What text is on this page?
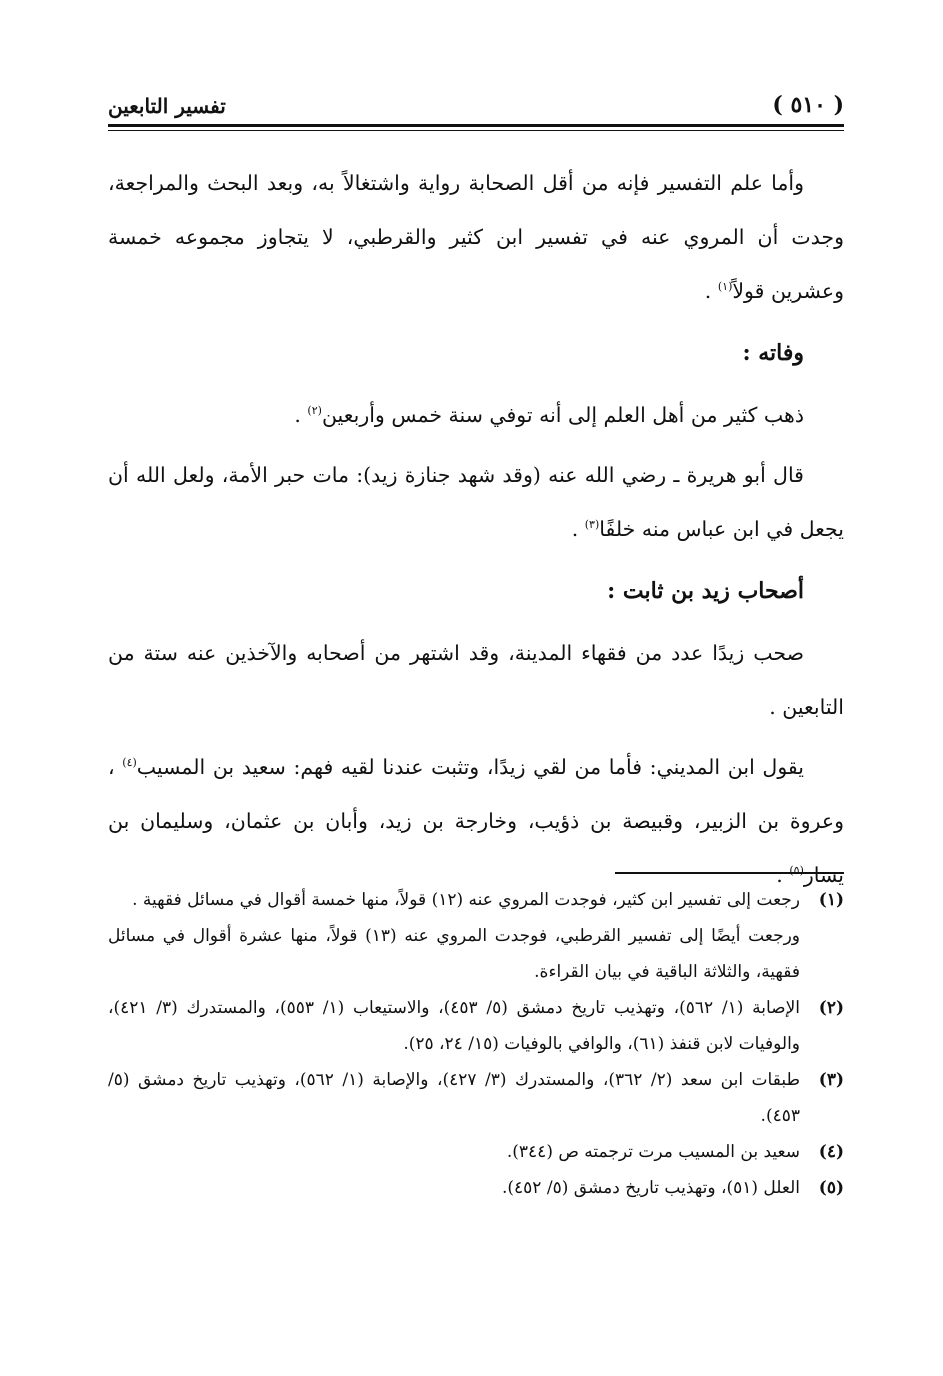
( ٥١٠ )
تفسير التابعين

وأما علم التفسير فإنه من أقل الصحابة رواية واشتغالاً به، وبعد البحث والمراجعة، وجدت أن المروي عنه في تفسير ابن كثير والقرطبي، لا يتجاوز مجموعه خمسة وعشرين قولاً$^{(١)}$ .

وفاته :

ذهب كثير من أهل العلم إلى أنه توفي سنة خمس وأربعين$^{(٢)}$ .

قال أبو هريرة ـ رضي الله عنه (وقد شهد جنازة زيد): مات حبر الأمة، ولعل الله أن يجعل في ابن عباس منه خلفًا$^{(٣)}$ .

أصحاب زيد بن ثابت :

صحب زيدًا عدد من فقهاء المدينة، وقد اشتهر من أصحابه والآخذين عنه ستة من التابعين .

يقول ابن المديني: فأما من لقي زيدًا، وتثبت عندنا لقيه فهم: سعيد بن المسيب$^{(٤)}$ ، وعروة بن الزبير، وقبيصة بن ذؤيب، وخارجة بن زيد، وأبان بن عثمان، وسليمان بن يسار$^{(٥)}$ .

(١)
رجعت إلى تفسير ابن كثير، فوجدت المروي عنه (١٢) قولاً، منها خمسة أقوال في مسائل فقهية .
ورجعت أيضًا إلى تفسير القرطبي، فوجدت المروي عنه (١٣) قولاً، منها عشرة أقوال في مسائل فقهية، والثلاثة الباقية في بيان القراءة.
(٢)
الإصابة (١/ ٥٦٢)، وتهذيب تاريخ دمشق (٥/ ٤٥٣)، والاستيعاب (١/ ٥٥٣)، والمستدرك (٣/ ٤٢١)، والوفيات لابن قنفذ (٦١)، والوافي بالوفيات (١٥/ ٢٤، ٢٥).
(٣)
طبقات ابن سعد (٢/ ٣٦٢)، والمستدرك (٣/ ٤٢٧)، والإصابة (١/ ٥٦٢)، وتهذيب تاريخ دمشق (٥/ ٤٥٣).
(٤)
سعيد بن المسيب مرت ترجمته ص (٣٤٤).
(٥)
العلل (٥١)، وتهذيب تاريخ دمشق (٥/ ٤٥٢).
